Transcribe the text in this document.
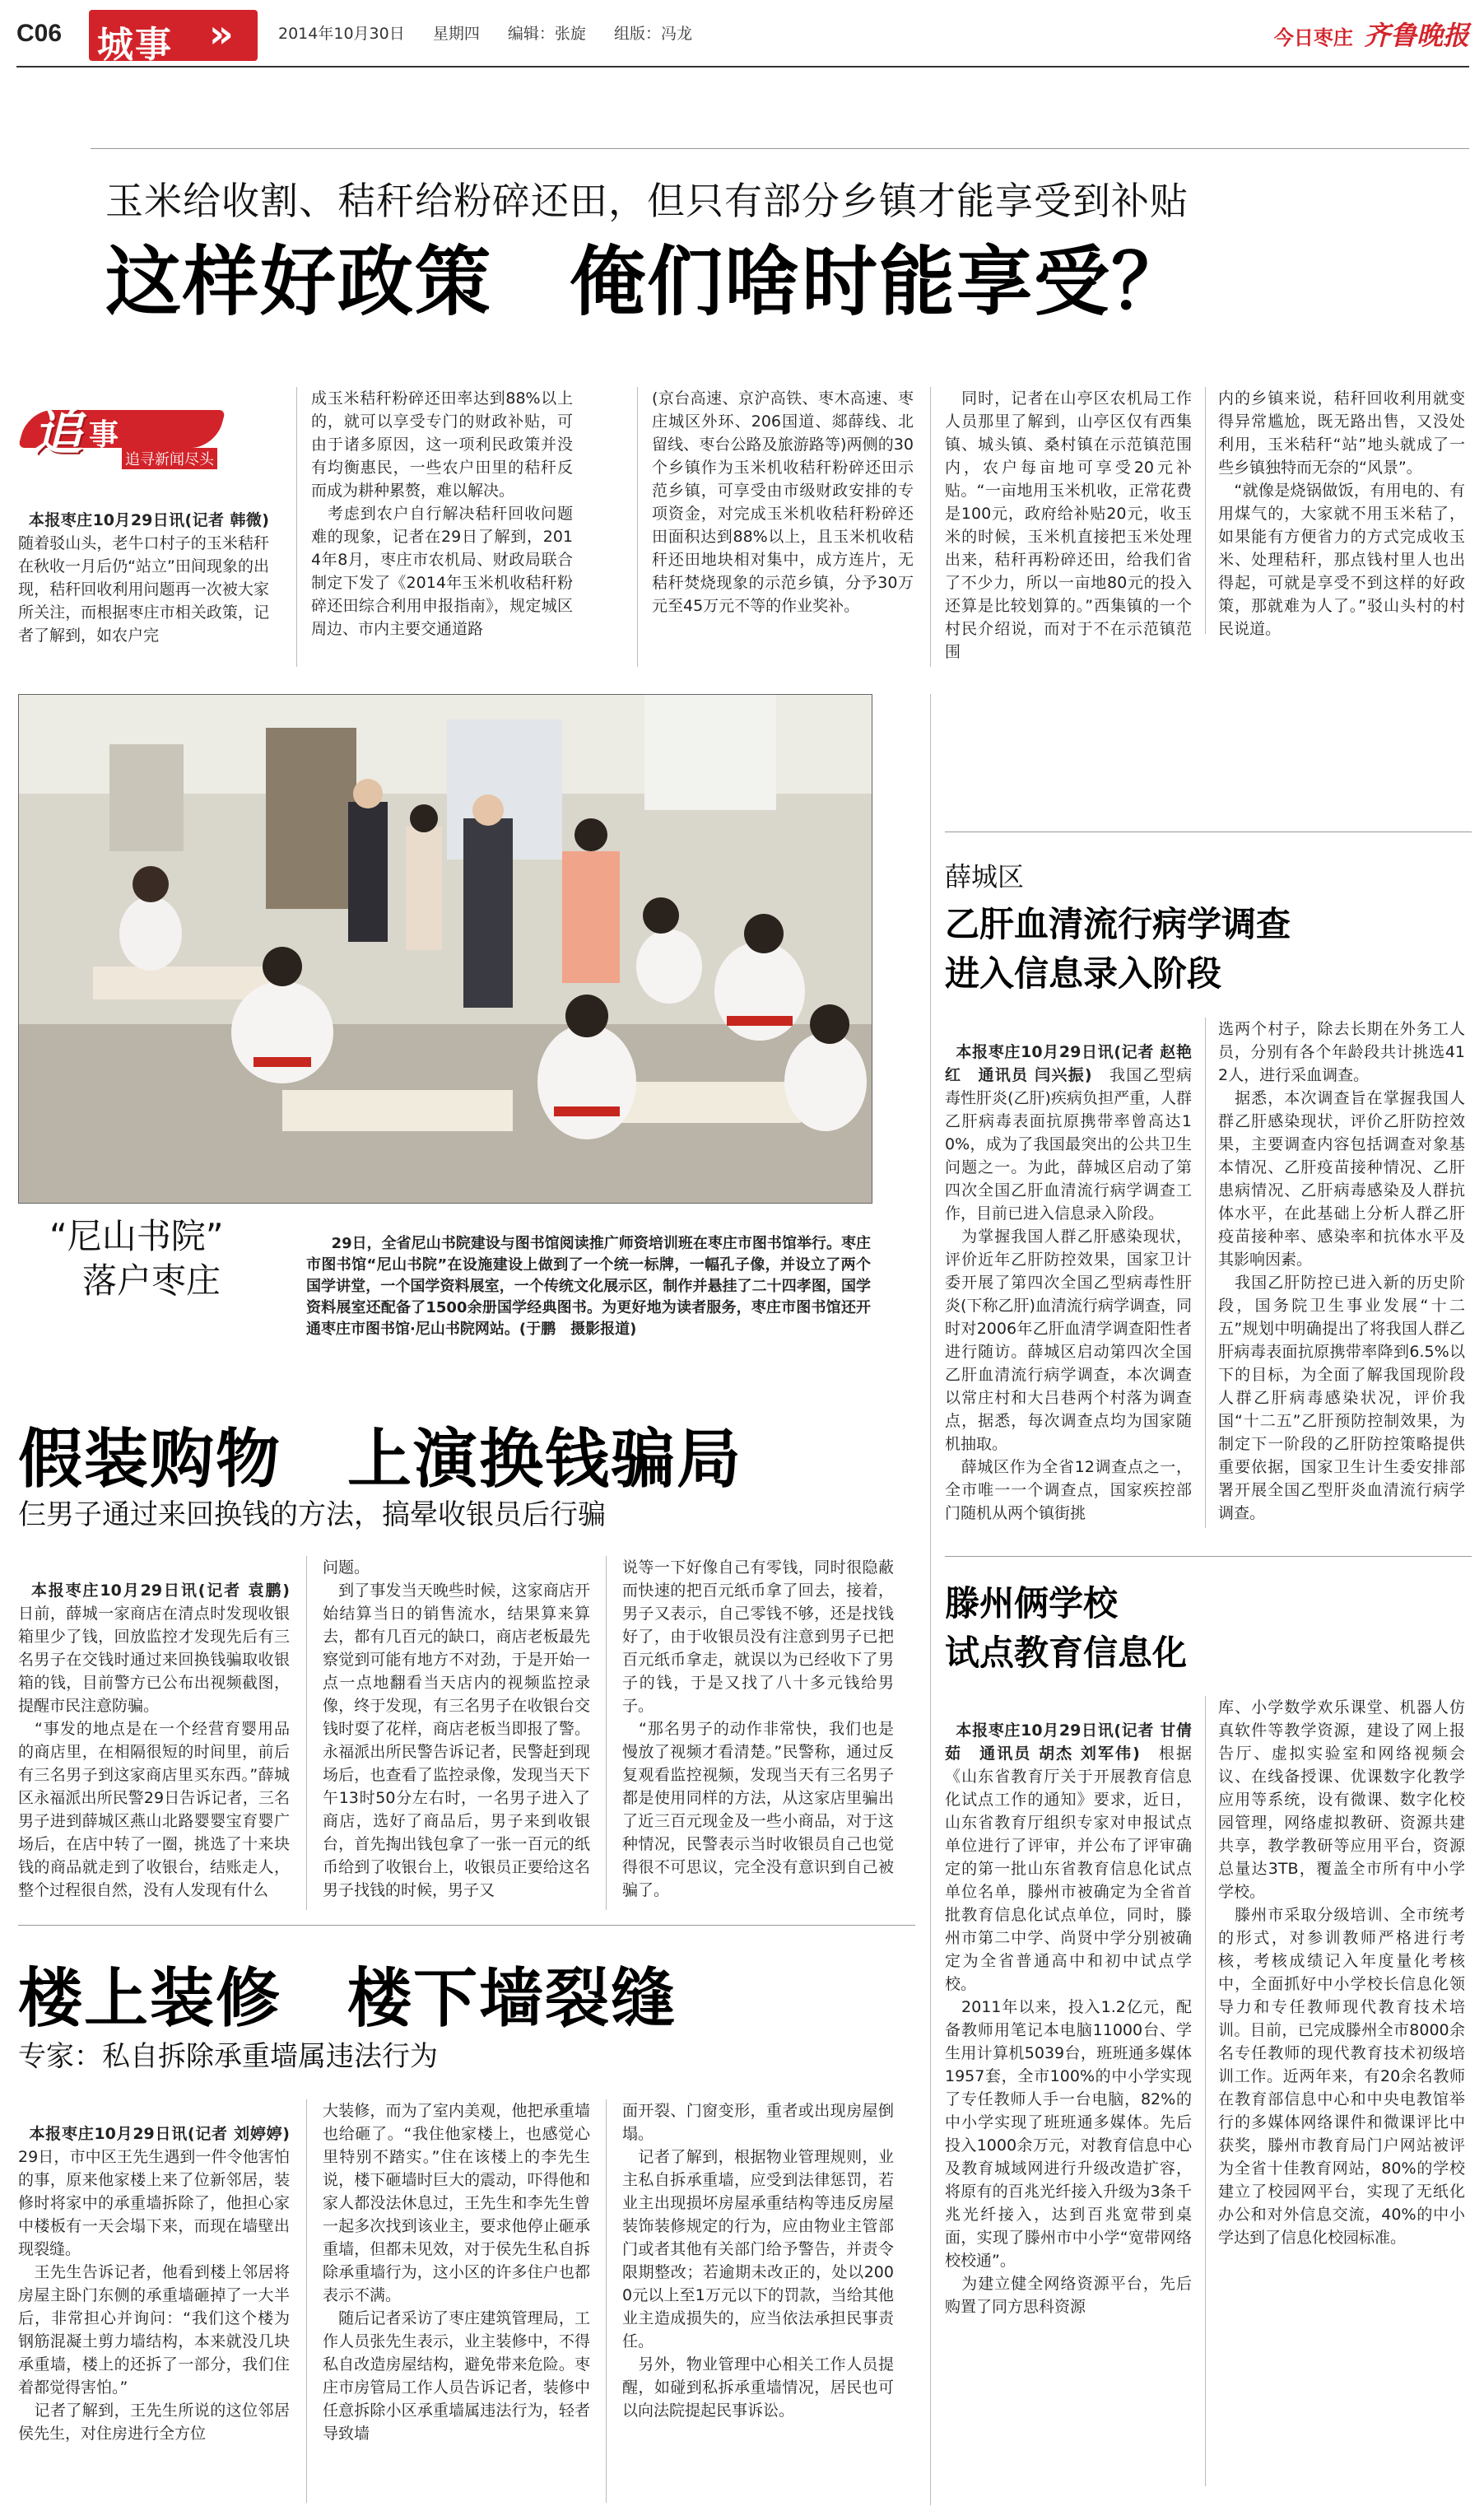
C06 城事 »	2014年10月30日 星期四 编辑：张旋 组版：冯龙	今日枣庄 齐鲁晚报
玉米给收割、秸秆给粉碎还田，但只有部分乡镇才能享受到补贴
这样好政策　俺们啥时能享受？
追 事
追寻新闻尽头

本报枣庄10月29日讯(记者 韩微)　随着驳山头，老牛口村子的玉米秸秆在秋收一月后仍“站立”田间现象的出现，秸秆回收利用问题再一次被大家所关注，而根据枣庄市相关政策，记者了解到，如农户完

成玉米秸秆粉碎还田率达到88%以上的，就可以享受专门的财政补贴，可由于诸多原因，这一项利民政策并没有均衡惠民，一些农户田里的秸秆反而成为耕种累赘，难以解决。
　考虑到农户自行解决秸秆回收问题难的现象，记者在29日了解到，2014年8月，枣庄市农机局、财政局联合制定下发了《2014年玉米机收秸秆粉碎还田综合利用申报指南》，规定城区周边、市内主要交通道路
(京台高速、京沪高铁、枣木高速、枣庄城区外环、206国道、郯薛线、北留线、枣台公路及旅游路等)两侧的30个乡镇作为玉米机收秸秆粉碎还田示范乡镇，可享受由市级财政安排的专项资金，对完成玉米机收秸秆粉碎还田面积达到88%以上，且玉米机收秸秆还田地块相对集中，成方连片，无秸秆焚烧现象的示范乡镇，分予30万元至45万元不等的作业奖补。
　同时，记者在山亭区农机局工作人员那里了解到，山亭区仅有西集镇、城头镇、桑村镇在示范镇范围内，农户每亩地可享受20元补贴。“一亩地用玉米机收，正常花费是100元，政府给补贴20元，收玉米的时候，玉米机直接把玉米处理出来，秸秆再粉碎还田，给我们省了不少力，所以一亩地80元的投入还算是比较划算的。”西集镇的一个村民介绍说，而对于不在示范镇范围
内的乡镇来说，秸秆回收利用就变得异常尴尬，既无路出售，又没处利用，玉米秸秆“站”地头就成了一些乡镇独特而无奈的“风景”。
　“就像是烧锅做饭，有用电的、有用煤气的，大家就不用玉米秸了，如果能有方便省力的方式完成收玉米、处理秸秆，那点钱村里人也出得起，可就是享受不到这样的好政策，那就难为人了。”驳山头村的村民说道。
“尼山书院”
落户枣庄

　29日，全省尼山书院建设与图书馆阅读推广师资培训班在枣庄市图书馆举行。枣庄市图书馆“尼山书院”在设施建设上做到了一个统一标牌，一幅孔子像，并设立了两个国学讲堂，一个国学资料展室，一个传统文化展示区，制作并悬挂了二十四孝图，国学资料展室还配备了1500余册国学经典图书。为更好地为读者服务，枣庄市图书馆还开通枣庄市图书馆·尼山书院网站。(于鹏　摄影报道)

薛城区
乙肝血清流行病学调查
进入信息录入阶段

本报枣庄10月29日讯(记者 赵艳红　通讯员 闫兴振)　我国乙型病毒性肝炎(乙肝)疾病负担严重，人群乙肝病毒表面抗原携带率曾高达10%，成为了我国最突出的公共卫生问题之一。为此，薛城区启动了第四次全国乙肝血清流行病学调查工作，目前已进入信息录入阶段。
　为掌握我国人群乙肝感染现状，评价近年乙肝防控效果，国家卫计委开展了第四次全国乙型病毒性肝炎(下称乙肝)血清流行病学调查，同时对2006年乙肝血清学调查阳性者进行随访。薛城区启动第四次全国乙肝血清流行病学调查，本次调查以常庄村和大吕巷两个村落为调查点，据悉，每次调查点均为国家随机抽取。
　薛城区作为全省12调查点之一，全市唯一一个调查点，国家疾控部门随机从两个镇街挑

选两个村子，除去长期在外务工人员，分别有各个年龄段共计挑选412人，进行采血调查。
　据悉，本次调查旨在掌握我国人群乙肝感染现状，评价乙肝防控效果，主要调查内容包括调查对象基本情况、乙肝疫苗接种情况、乙肝患病情况、乙肝病毒感染及人群抗体水平，在此基础上分析人群乙肝疫苗接种率、感染率和抗体水平及其影响因素。
　我国乙肝防控已进入新的历史阶段，国务院卫生事业发展“十二五”规划中明确提出了将我国人群乙肝病毒表面抗原携带率降到6.5%以下的目标，为全面了解我国现阶段人群乙肝病毒感染状况，评价我国“十二五”乙肝预防控制效果，为制定下一阶段的乙肝防控策略提供重要依据，国家卫生计生委安排部署开展全国乙型肝炎血清流行病学调查。
滕州俩学校
试点教育信息化

本报枣庄10月29日讯(记者 甘倩茹　通讯员 胡杰 刘军伟)　根据《山东省教育厅关于开展教育信息化试点工作的通知》要求，近日，山东省教育厅组织专家对申报试点单位进行了评审，并公布了评审确定的第一批山东省教育信息化试点单位名单，滕州市被确定为全省首批教育信息化试点单位，同时，滕州市第二中学、尚贤中学分别被确定为全省普通高中和初中试点学校。
　2011年以来，投入1.2亿元，配备教师用笔记本电脑11000台、学生用计算机5039台，班班通多媒体1957套，全市100%的中小学实现了专任教师人手一台电脑，82%的中小学实现了班班通多媒体。先后投入1000余万元，对教育信息中心及教育城域网进行升级改造扩容，将原有的百兆光纤接入升级为3条千兆光纤接入，达到百兆宽带到桌面，实现了滕州市中小学“宽带网络校校通”。
　为建立健全网络资源平台，先后购置了同方思科资源

库、小学数学欢乐课堂、机器人仿真软件等教学资源，建设了网上报告厅、虚拟实验室和网络视频会议、在线备授课、优课数字化教学应用等系统，设有微课、数字化校园管理，网络虚拟教研、资源共建共享，教学教研等应用平台，资源总量达3TB，覆盖全市所有中小学学校。
　滕州市采取分级培训、全市统考的形式，对参训教师严格进行考核，考核成绩记入年度量化考核中，全面抓好中小学校长信息化领导力和专任教师现代教育技术培训。目前，已完成滕州全市8000余名专任教师的现代教育技术初级培训工作。近两年来，有20余名教师在教育部信息中心和中央电教馆举行的多媒体网络课件和微课评比中获奖，滕州市教育局门户网站被评为全省十佳教育网站，80%的学校建立了校园网平台，实现了无纸化办公和对外信息交流，40%的中小学达到了信息化校园标准。
假装购物　上演换钱骗局
仨男子通过来回换钱的方法，搞晕收银员后行骗

本报枣庄10月29日讯(记者 袁鹏)　日前，薛城一家商店在清点时发现收银箱里少了钱，回放监控才发现先后有三名男子在交钱时通过来回换钱骗取收银箱的钱，目前警方已公布出视频截图，提醒市民注意防骗。
　“事发的地点是在一个经营育婴用品的商店里，在相隔很短的时间里，前后有三名男子到这家商店里买东西。”薛城区永福派出所民警29日告诉记者，三名男子进到薛城区燕山北路婴婴宝育婴广场后，在店中转了一圈，挑选了十来块钱的商品就走到了收银台，结账走人，整个过程很自然，没有人发现有什么

问题。
　到了事发当天晚些时候，这家商店开始结算当日的销售流水，结果算来算去，都有几百元的缺口，商店老板最先察觉到可能有地方不对劲，于是开始一点一点地翻看当天店内的视频监控录像，终于发现，有三名男子在收银台交钱时耍了花样，商店老板当即报了警。永福派出所民警告诉记者，民警赶到现场后，也查看了监控录像，发现当天下午13时50分左右时，一名男子进入了商店，选好了商品后，男子来到收银台，首先掏出钱包拿了一张一百元的纸币给到了收银台上，收银员正要给这名男子找钱的时候，男子又
说等一下好像自己有零钱，同时很隐蔽而快速的把百元纸币拿了回去，接着，男子又表示，自己零钱不够，还是找钱好了，由于收银员没有注意到男子已把百元纸币拿走，就误以为已经收下了男子的钱，于是又找了八十多元钱给男子。
　“那名男子的动作非常快，我们也是慢放了视频才看清楚。”民警称，通过反复观看监控视频，发现当天有三名男子都是使用同样的方法，从这家店里骗出了近三百元现金及一些小商品，对于这种情况，民警表示当时收银员自己也觉得很不可思议，完全没有意识到自己被骗了。
楼上装修　楼下墙裂缝
专家：私自拆除承重墙属违法行为

本报枣庄10月29日讯(记者 刘婷婷)　29日，市中区王先生遇到一件令他害怕的事，原来他家楼上来了位新邻居，装修时将家中的承重墙拆除了，他担心家中楼板有一天会塌下来，而现在墙壁出现裂缝。
　王先生告诉记者，他看到楼上邻居将房屋主卧门东侧的承重墙砸掉了一大半后，非常担心并询问：“我们这个楼为钢筋混凝土剪力墙结构，本来就没几块承重墙，楼上的还拆了一部分，我们住着都觉得害怕。”
　记者了解到，王先生所说的这位邻居侯先生，对住房进行全方位

大装修，而为了室内美观，他把承重墙也给砸了。“我住他家楼上，也感觉心里特别不踏实。”住在该楼上的李先生说，楼下砸墙时巨大的震动，吓得他和家人都没法休息过，王先生和李先生曾一起多次找到该业主，要求他停止砸承重墙，但都未见效，对于侯先生私自拆除承重墙行为，这小区的许多住户也都表示不满。
　随后记者采访了枣庄建筑管理局，工作人员张先生表示，业主装修中，不得私自改造房屋结构，避免带来危险。枣庄市房管局工作人员告诉记者，装修中任意拆除小区承重墙属违法行为，轻者导致墙
面开裂、门窗变形，重者或出现房屋倒塌。
　记者了解到，根据物业管理规则，业主私自拆承重墙，应受到法律惩罚，若业主出现损坏房屋承重结构等违反房屋装饰装修规定的行为，应由物业主管部门或者其他有关部门给予警告，并责令限期整改；若逾期未改正的，处以2000元以上至1万元以下的罚款，当给其他业主造成损失的，应当依法承担民事责任。
　另外，物业管理中心相关工作人员提醒，如碰到私拆承重墙情况，居民也可以向法院提起民事诉讼。
